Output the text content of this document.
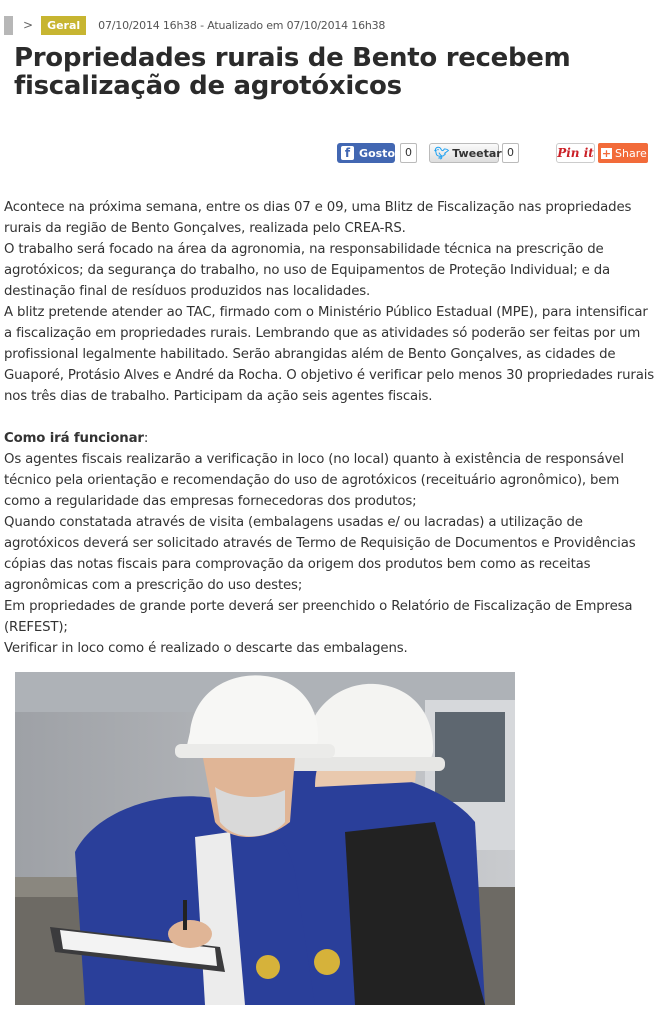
>	Geral	07/10/2014 16h38 - Atualizado em 07/10/2014 16h38
Propriedades rurais de Bento recebem fiscalização de agrotóxicos
f Gosto 0	🐦︎ Tweetar 0	Pin it + Share

Acontece na próxima semana, entre os dias 07 e 09, uma Blitz de Fiscalização nas propriedades rurais da região de Bento Gonçalves, realizada pelo CREA-RS.

O trabalho será focado na área da agronomia, na responsabilidade técnica na prescrição de agrotóxicos; da segurança do trabalho, no uso de Equipamentos de Proteção Individual; e da destinação final de resíduos produzidos nas localidades.

A blitz pretende atender ao TAC, firmado com o Ministério Público Estadual (MPE), para intensificar a fiscalização em propriedades rurais. Lembrando que as atividades só poderão ser feitas por um profissional legalmente habilitado. Serão abrangidas além de Bento Gonçalves, as cidades de Guaporé, Protásio Alves e André da Rocha. O objetivo é verificar pelo menos 30 propriedades rurais nos três dias de trabalho. Participam da ação seis agentes fiscais.

Como irá funcionar:

Os agentes fiscais realizarão a verificação in loco (no local) quanto à existência de responsável técnico pela orientação e recomendação do uso de agrotóxicos (receituário agronômico), bem como a regularidade das empresas fornecedoras dos produtos;

Quando constatada através de visita (embalagens usadas e/ ou lacradas) a utilização de agrotóxicos deverá ser solicitado através de Termo de Requisição de Documentos e Providências cópias das notas fiscais para comprovação da origem dos produtos bem como as receitas agronômicas com a prescrição do uso destes;

Em propriedades de grande porte deverá ser preenchido o Relatório de Fiscalização de Empresa (REFEST);

Verificar in loco como é realizado o descarte das embalagens.
